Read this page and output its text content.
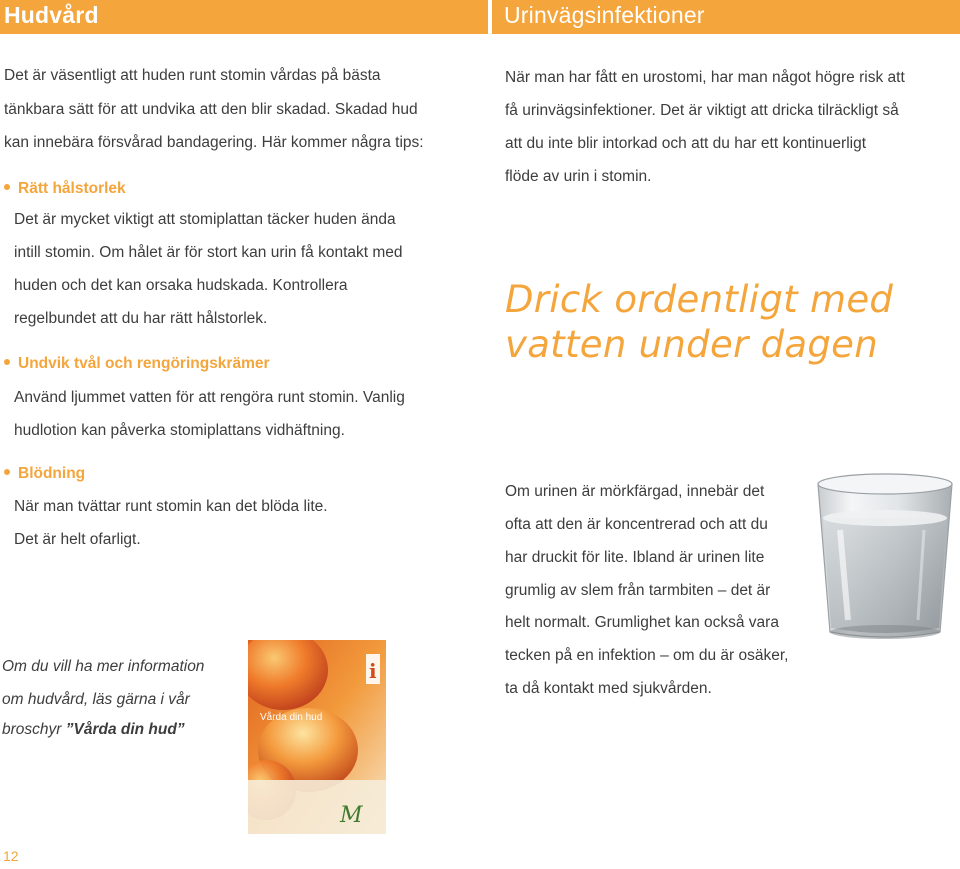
Hudvård	Urinvägsinfektioner
Det är väsentligt att huden runt stomin vårdas på bästa
tänkbara sätt för att undvika att den blir skadad. Skadad hud
kan innebära försvårad bandagering. Här kommer några tips:
Rätt hålstorlek
Det är mycket viktigt att stomiplattan täcker huden ända
intill stomin. Om hålet är för stort kan urin få kontakt med
huden och det kan orsaka hudskada. Kontrollera
regelbundet att du har rätt hålstorlek.
Undvik tvål och rengöringskrämer
Använd ljummet vatten för att rengöra runt stomin. Vanlig
hudlotion kan påverka stomiplattans vidhäftning.
Blödning
När man tvättar runt stomin kan det blöda lite.
Det är helt ofarligt.
Om du vill ha mer information
om hudvård, läs gärna i vår
broschyr ”Vårda din hud”
i
Vårda din hud
M
12
När man har fått en urostomi, har man något högre risk att
få urinvägsinfektioner. Det är viktigt att dricka tilräckligt så
att du inte blir intorkad och att du har ett kontinuerligt
flöde av urin i stomin.
Drick ordentligt med
vatten under dagen
Om urinen är mörkfärgad, innebär det
ofta att den är koncentrerad och att du
har druckit för lite. Ibland är urinen lite
grumlig av slem från tarmbiten – det är
helt normalt. Grumlighet kan också vara
tecken på en infektion – om du är osäker,
ta då kontakt med sjukvården.
